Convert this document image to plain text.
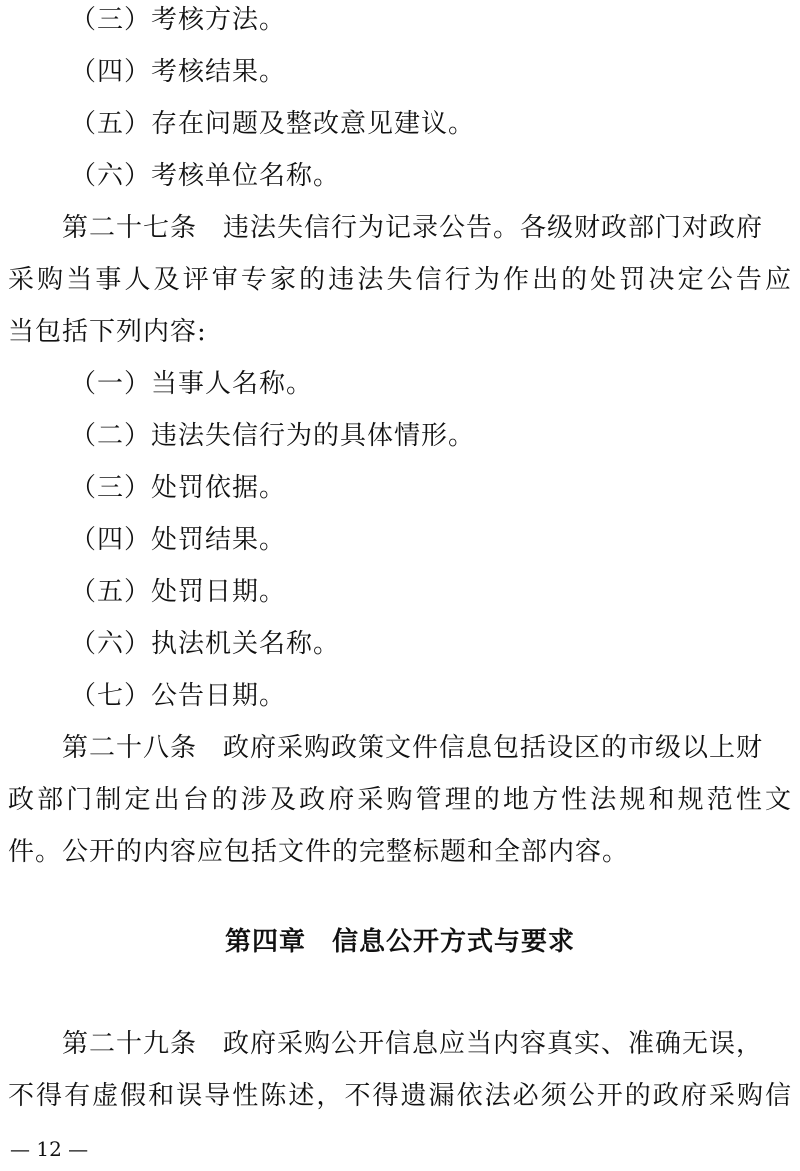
（三）考核方法。
（四）考核结果。
（五）存在问题及整改意见建议。
（六）考核单位名称。
第二十七条 违法失信行为记录公告。各级财政部门对政府
采购当事人及评审专家的违法失信行为作出的处罚决定公告应
当包括下列内容:
（一）当事人名称。
（二）违法失信行为的具体情形。
（三）处罚依据。
（四）处罚结果。
（五）处罚日期。
（六）执法机关名称。
（七）公告日期。
第二十八条 政府采购政策文件信息包括设区的市级以上财
政部门制定出台的涉及政府采购管理的地方性法规和规范性文
件。公开的内容应包括文件的完整标题和全部内容。
第四章 信息公开方式与要求
第二十九条 政府采购公开信息应当内容真实、准确无误，
不得有虚假和误导性陈述，不得遗漏依法必须公开的政府采购信
— 12 —
